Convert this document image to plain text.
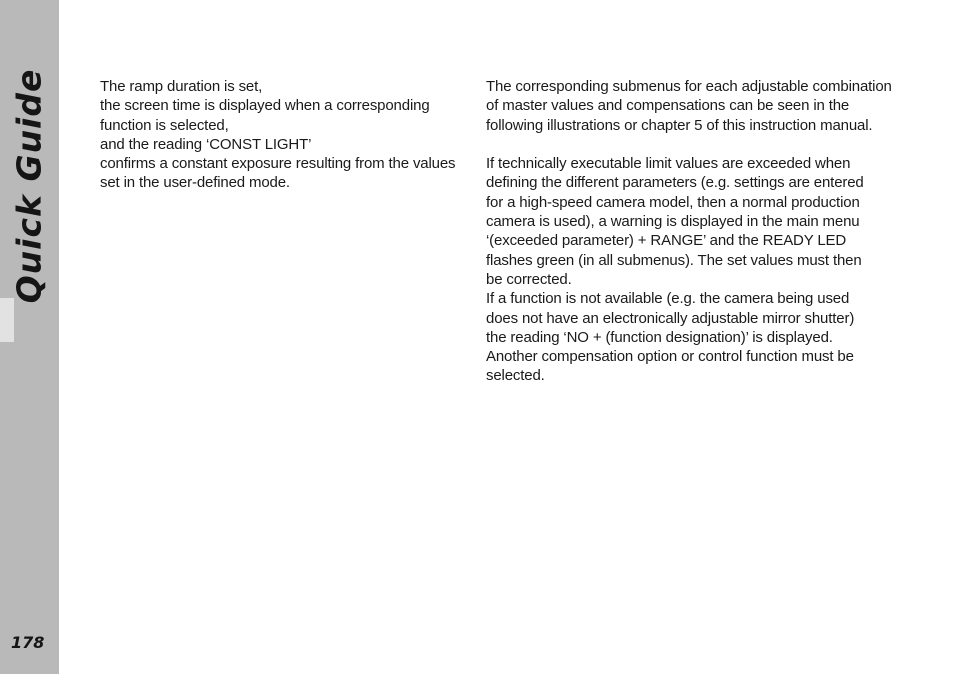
Quick Guide
178

The ramp duration is set,

the screen time is displayed when a corresponding

function is selected,

and the reading ‘CONST LIGHT’

confirms a constant exposure resulting from the values

set in the user-defined mode.

The corresponding submenus for each adjustable combination

of master values and compensations can be seen in the

following illustrations or chapter 5 of this instruction manual.

If technically executable limit values are exceeded when

defining the different parameters (e.g. settings are entered

for a high-speed camera model, then a normal production

camera is used), a warning is displayed in the main menu

‘(exceeded parameter) + RANGE’ and the READY LED

flashes green (in all submenus). The set values must then

be corrected.

If a function is not available (e.g. the camera being used

does not have an electronically adjustable mirror shutter)

the reading ‘NO + (function designation)’ is displayed.

Another compensation option or control function must be

selected.
